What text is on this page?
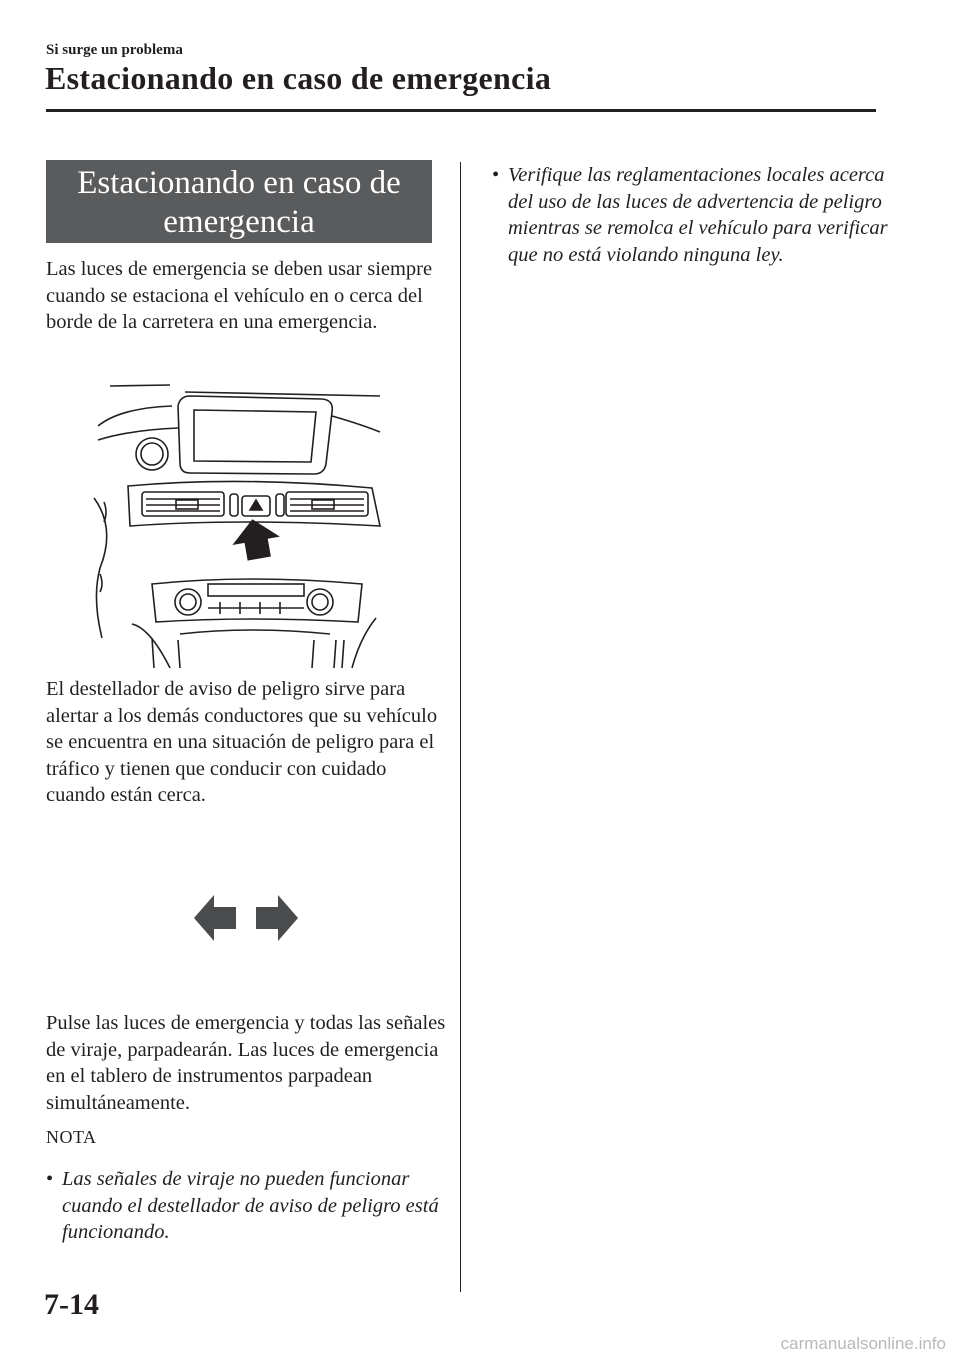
Si surge un problema
Estacionando en caso de emergencia
Estacionando en caso de
emergencia

Las luces de emergencia se deben usar siempre cuando se estaciona el vehículo en o cerca del borde de la carretera en una emergencia.

El destellador de aviso de peligro sirve para alertar a los demás conductores que su vehículo se encuentra en una situación de peligro para el tráfico y tienen que conducir con cuidado cuando están cerca.

Pulse las luces de emergencia y todas las señales de viraje, parpadearán. Las luces de emergencia en el tablero de instrumentos parpadean simultáneamente.

NOTA
• Las señales de viraje no pueden funcionar cuando el destellador de aviso de peligro está funcionando.
• Verifique las reglamentaciones locales acerca del uso de las luces de advertencia de peligro mientras se remolca el vehículo para verificar que no está violando ninguna ley.
7-14
carmanualsonline.info
